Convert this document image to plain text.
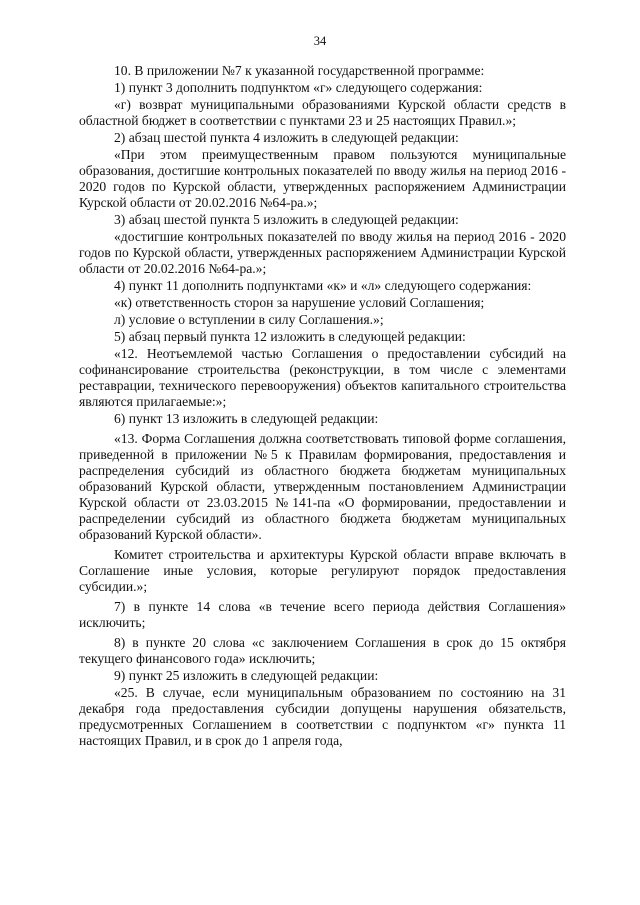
34

10. В приложении №7 к указанной государственной программе:

1) пункт 3 дополнить подпунктом «г» следующего содержания:

«г) возврат муниципальными образованиями Курской области средств в областной бюджет в соответствии с пунктами 23 и 25 настоящих Правил.»;

2) абзац шестой пункта 4 изложить в следующей редакции:

«При этом преимущественным правом пользуются муниципальные образования, достигшие контрольных показателей по вводу жилья на период 2016 - 2020 годов по Курской области, утвержденных распоряжением Администрации Курской области от 20.02.2016 №64-ра.»;

3) абзац шестой пункта 5 изложить в следующей редакции:

«достигшие контрольных показателей по вводу жилья на период 2016 - 2020 годов по Курской области, утвержденных распоряжением Администрации Курской области от 20.02.2016 №64-ра.»;

4) пункт 11 дополнить подпунктами «к» и «л» следующего содержания:

«к) ответственность сторон за нарушение условий Соглашения;

л) условие о вступлении в силу Соглашения.»;

5) абзац первый пункта 12 изложить в следующей редакции:

«12. Неотъемлемой частью Соглашения о предоставлении субсидий на софинансирование строительства (реконструкции, в том числе с элементами реставрации, технического перевооружения) объектов капитального строительства являются прилагаемые:»;

6) пункт 13 изложить в следующей редакции:

«13. Форма Соглашения должна соответствовать типовой форме соглашения, приведенной в приложении №5 к Правилам формирования, предоставления и распределения субсидий из областного бюджета бюджетам муниципальных образований Курской области, утвержденным постановлением Администрации Курской области от 23.03.2015 №141-па «О формировании, предоставлении и распределении субсидий из областного бюджета бюджетам муниципальных образований Курской области».

Комитет строительства и архитектуры Курской области вправе включать в Соглашение иные условия, которые регулируют порядок предоставления субсидии.»;

7) в пункте 14 слова «в течение всего периода действия Соглашения» исключить;

8) в пункте 20 слова «с заключением Соглашения в срок до 15 октября текущего финансового года» исключить;

9) пункт 25 изложить в следующей редакции:

«25. В случае, если муниципальным образованием по состоянию на 31 декабря года предоставления субсидии допущены нарушения обязательств, предусмотренных Соглашением в соответствии с подпунктом «г» пункта 11 настоящих Правил, и в срок до 1 апреля года,
